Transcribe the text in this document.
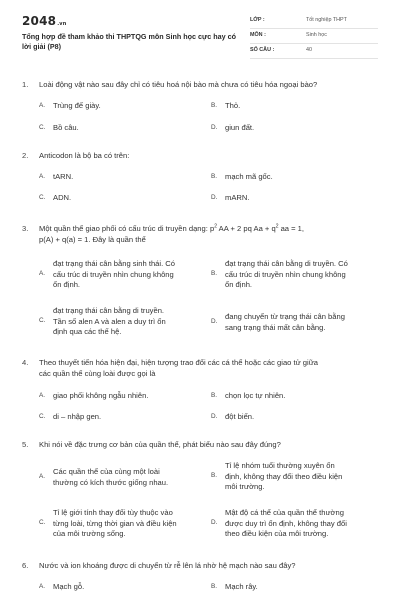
2048.vn
Tổng hợp đề tham khảo thi THPTQG môn Sinh học cực hay có lời giải (P8)
LỚP :	Tốt nghiệp THPT
MÔN :	Sinh học
SỐ CÂU :	40
1.	Loài động vật nào sau đây chỉ có tiêu hoá nội bào mà chưa có tiêu hóa ngoại bào?
A.	Trùng đế giày.	B.	Thỏ.
C. Bồ câu.	D. giun đất.
2.	Anticodon là bộ ba có trên:
A.	tARN.	B.	mạch mã gốc.
C. ADN.	D. mARN.
3.	Một quần thể giao phối có cấu trúc di truyền dạng: $p^2$ AA + 2 pq $Aa + q^2$ aa = 1,
p(A) + q(a) = 1. Đây là quần thể
A.
đạt trạng thái cân bằng sinh thái. Có
cấu trúc di truyền nhìn chung không
ổn định.
B.
đạt trạng thái cân bằng di truyền. Có
cấu trúc di truyền nhìn chung không
ổn định.
C.
đạt trạng thái cân bằng di truyền.
Tần số alen A và alen a duy trì ổn
định qua các thế hệ.
D.
đang chuyển từ trạng thái cân bằng
sang trạng thái mất cân bằng.
4.	Theo thuyết tiến hóa hiện đại, hiện tượng trao đổi các cá thể hoặc các giao tử giữa
các quần thể cùng loài được gọi là
A.	giao phối không ngẫu nhiên.	B.	chọn lọc tự nhiên.
C. di – nhập gen.	D. đột biến.
5.	Khi nói về đặc trưng cơ bản của quần thể, phát biểu nào sau đây đúng?
A.
Các quần thể của cùng một loài
thường có kích thước giống nhau.
B.
Tỉ lệ nhóm tuổi thường xuyên ổn
định, không thay đổi theo điều kiện
môi trường.
C.
Tỉ lệ giới tính thay đổi tùy thuộc vào
từng loài, từng thời gian và điều kiện
của môi trường sống.
D.
Mật độ cá thể của quần thể thường
được duy trì ổn định, không thay đổi
theo điều kiện của môi trường.
6.	Nước và ion khoáng được di chuyển từ rễ lên lá nhờ hệ mạch nào sau đây?
A.	Mạch gỗ.	B.	Mạch rây.
